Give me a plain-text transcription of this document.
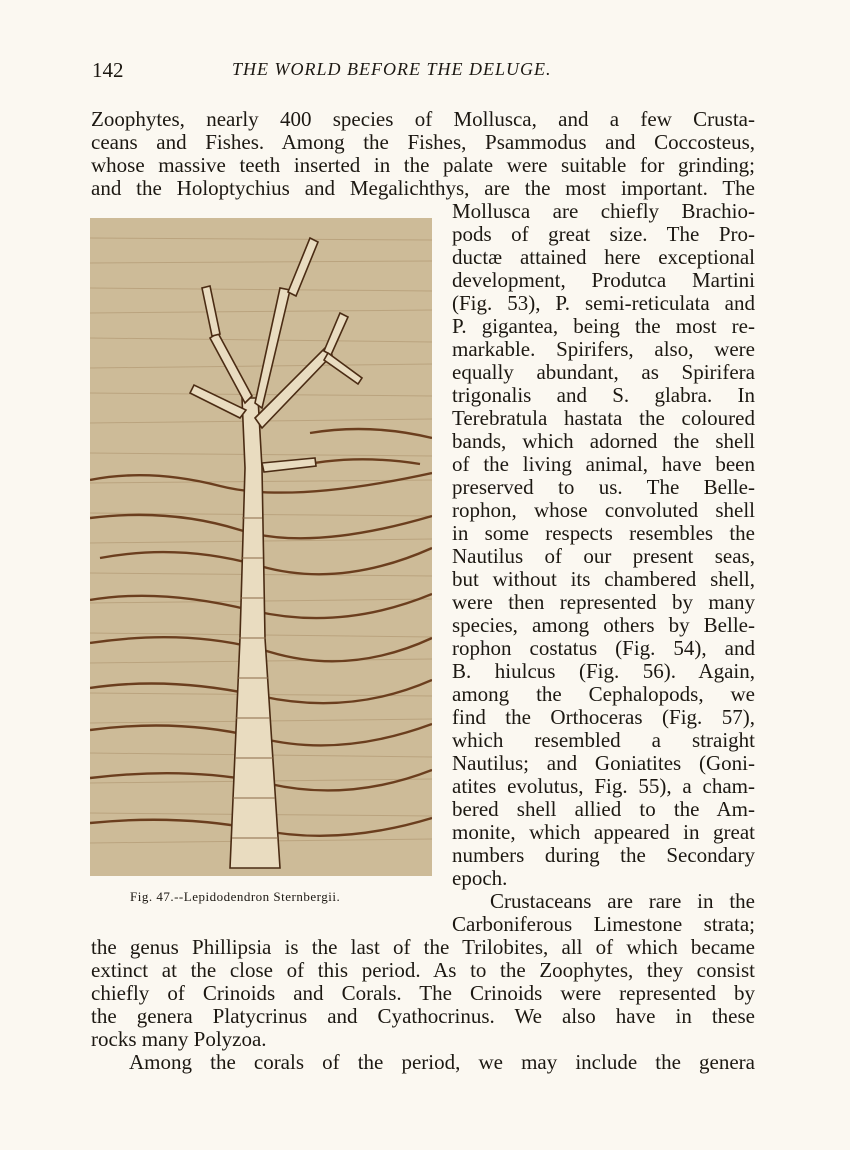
142	THE WORLD BEFORE THE DELUGE.
Fig. 47.--Lepidodendron Sternbergii.
Zoophytes, nearly 400 species of Mollusca, and a few Crusta-
ceans and Fishes. Among the Fishes, Psammodus and Coccosteus,
whose massive teeth inserted in the palate were suitable for grinding;
and the Holoptychius and Megalichthys, are the most important. The
Mollusca are chiefly Brachio-
pods of great size. The Pro-
ductæ attained here exceptional
development, Produtca Martini
(Fig. 53), P. semi-reticulata and
P. gigantea, being the most re-
markable. Spirifers, also, were
equally abundant, as Spirifera
trigonalis and S. glabra. In
Terebratula hastata the coloured
bands, which adorned the shell
of the living animal, have been
preserved to us. The Belle-
rophon, whose convoluted shell
in some respects resembles the
Nautilus of our present seas,
but without its chambered shell,
were then represented by many
species, among others by Belle-
rophon costatus (Fig. 54), and
B. hiulcus (Fig. 56). Again,
among the Cephalopods, we
find the Orthoceras (Fig. 57),
which resembled a straight
Nautilus; and Goniatites (Goni-
atites evolutus, Fig. 55), a cham-
bered shell allied to the Am-
monite, which appeared in great
numbers during the Secondary
epoch.
Crustaceans are rare in the
Carboniferous Limestone strata;
the genus Phillipsia is the last of the Trilobites, all of which became
extinct at the close of this period. As to the Zoophytes, they consist
chiefly of Crinoids and Corals. The Crinoids were represented by
the genera Platycrinus and Cyathocrinus. We also have in these
rocks many Polyzoa.
Among the corals of the period, we may include the genera
